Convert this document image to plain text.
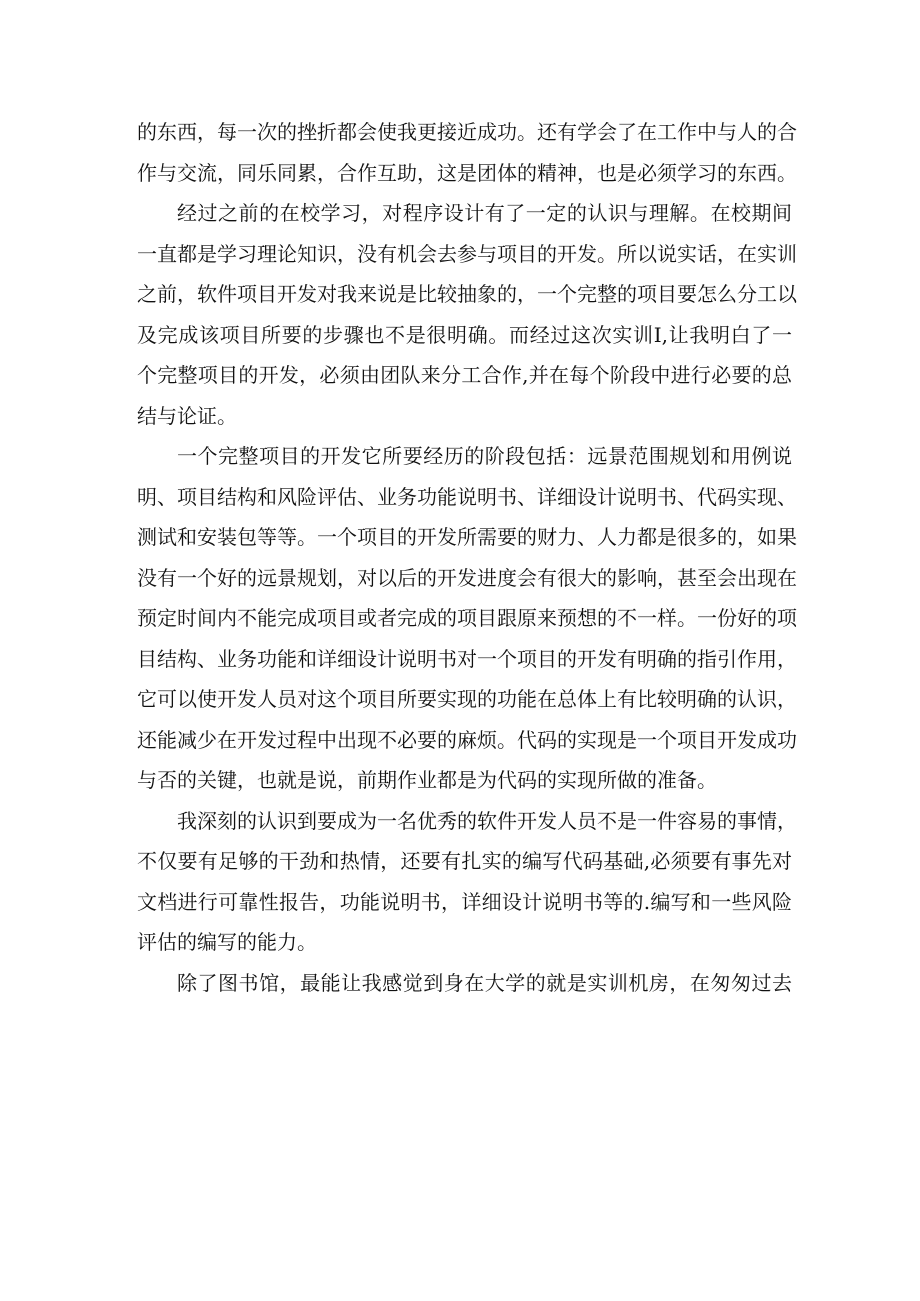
的东西，每一次的挫折都会使我更接近成功。还有学会了在工作中与人的合
作与交流，同乐同累，合作互助，这是团体的精神，也是必须学习的东西。
经过之前的在校学习，对程序设计有了一定的认识与理解。在校期间
一直都是学习理论知识，没有机会去参与项目的开发。所以说实话，在实训
之前，软件项目开发对我来说是比较抽象的，一个完整的项目要怎么分工以
及完成该项目所要的步骤也不是很明确。而经过这次实训I,让我明白了一
个完整项目的开发，必须由团队来分工合作,并在每个阶段中进行必要的总
结与论证。
一个完整项目的开发它所要经历的阶段包括：远景范围规划和用例说
明、项目结构和风险评估、业务功能说明书、详细设计说明书、代码实现、
测试和安装包等等。一个项目的开发所需要的财力、人力都是很多的，如果
没有一个好的远景规划，对以后的开发进度会有很大的影响，甚至会出现在
预定时间内不能完成项目或者完成的项目跟原来预想的不一样。一份好的项
目结构、业务功能和详细设计说明书对一个项目的开发有明确的指引作用，
它可以使开发人员对这个项目所要实现的功能在总体上有比较明确的认识，
还能减少在开发过程中出现不必要的麻烦。代码的实现是一个项目开发成功
与否的关键，也就是说，前期作业都是为代码的实现所做的准备。
我深刻的认识到要成为一名优秀的软件开发人员不是一件容易的事情，
不仅要有足够的干劲和热情，还要有扎实的编写代码基础,必须要有事先对
文档进行可靠性报告，功能说明书，详细设计说明书等的.编写和一些风险
评估的编写的能力。
除了图书馆，最能让我感觉到身在大学的就是实训机房，在匆匆过去
